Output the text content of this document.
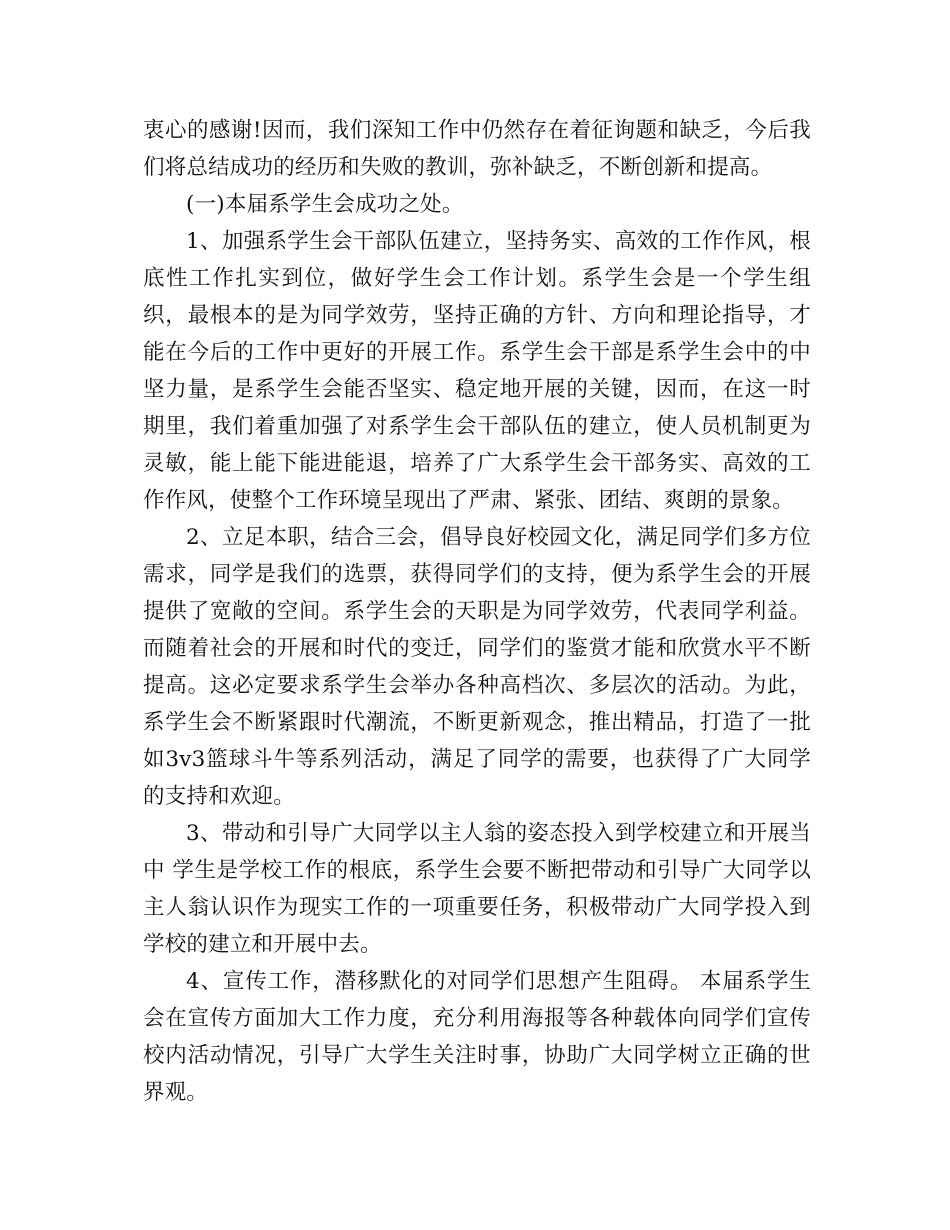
衷心的感谢!因而，我们深知工作中仍然存在着征询题和缺乏，今后我们将总结成功的经历和失败的教训，弥补缺乏，不断创新和提高。

(一)本届系学生会成功之处。

1、加强系学生会干部队伍建立，坚持务实、高效的工作作风，根底性工作扎实到位，做好学生会工作计划。系学生会是一个学生组织，最根本的是为同学效劳，坚持正确的方针、方向和理论指导，才能在今后的工作中更好的开展工作。系学生会干部是系学生会中的中坚力量，是系学生会能否坚实、稳定地开展的关键，因而，在这一时期里，我们着重加强了对系学生会干部队伍的建立，使人员机制更为灵敏，能上能下能进能退，培养了广大系学生会干部务实、高效的工作作风，使整个工作环境呈现出了严肃、紧张、团结、爽朗的景象。

2、立足本职，结合三会，倡导良好校园文化，满足同学们多方位需求，同学是我们的选票，获得同学们的支持，便为系学生会的开展提供了宽敞的空间。系学生会的天职是为同学效劳，代表同学利益。而随着社会的开展和时代的变迁，同学们的鉴赏才能和欣赏水平不断提高。这必定要求系学生会举办各种高档次、多层次的活动。为此，系学生会不断紧跟时代潮流，不断更新观念，推出精品，打造了一批如3v3篮球斗牛等系列活动，满足了同学的需要，也获得了广大同学的支持和欢迎。

3、带动和引导广大同学以主人翁的姿态投入到学校建立和开展当中 学生是学校工作的根底，系学生会要不断把带动和引导广大同学以主人翁认识作为现实工作的一项重要任务，积极带动广大同学投入到学校的建立和开展中去。

4、宣传工作，潜移默化的对同学们思想产生阻碍。 本届系学生会在宣传方面加大工作力度，充分利用海报等各种载体向同学们宣传校内活动情况，引导广大学生关注时事，协助广大同学树立正确的世界观。
